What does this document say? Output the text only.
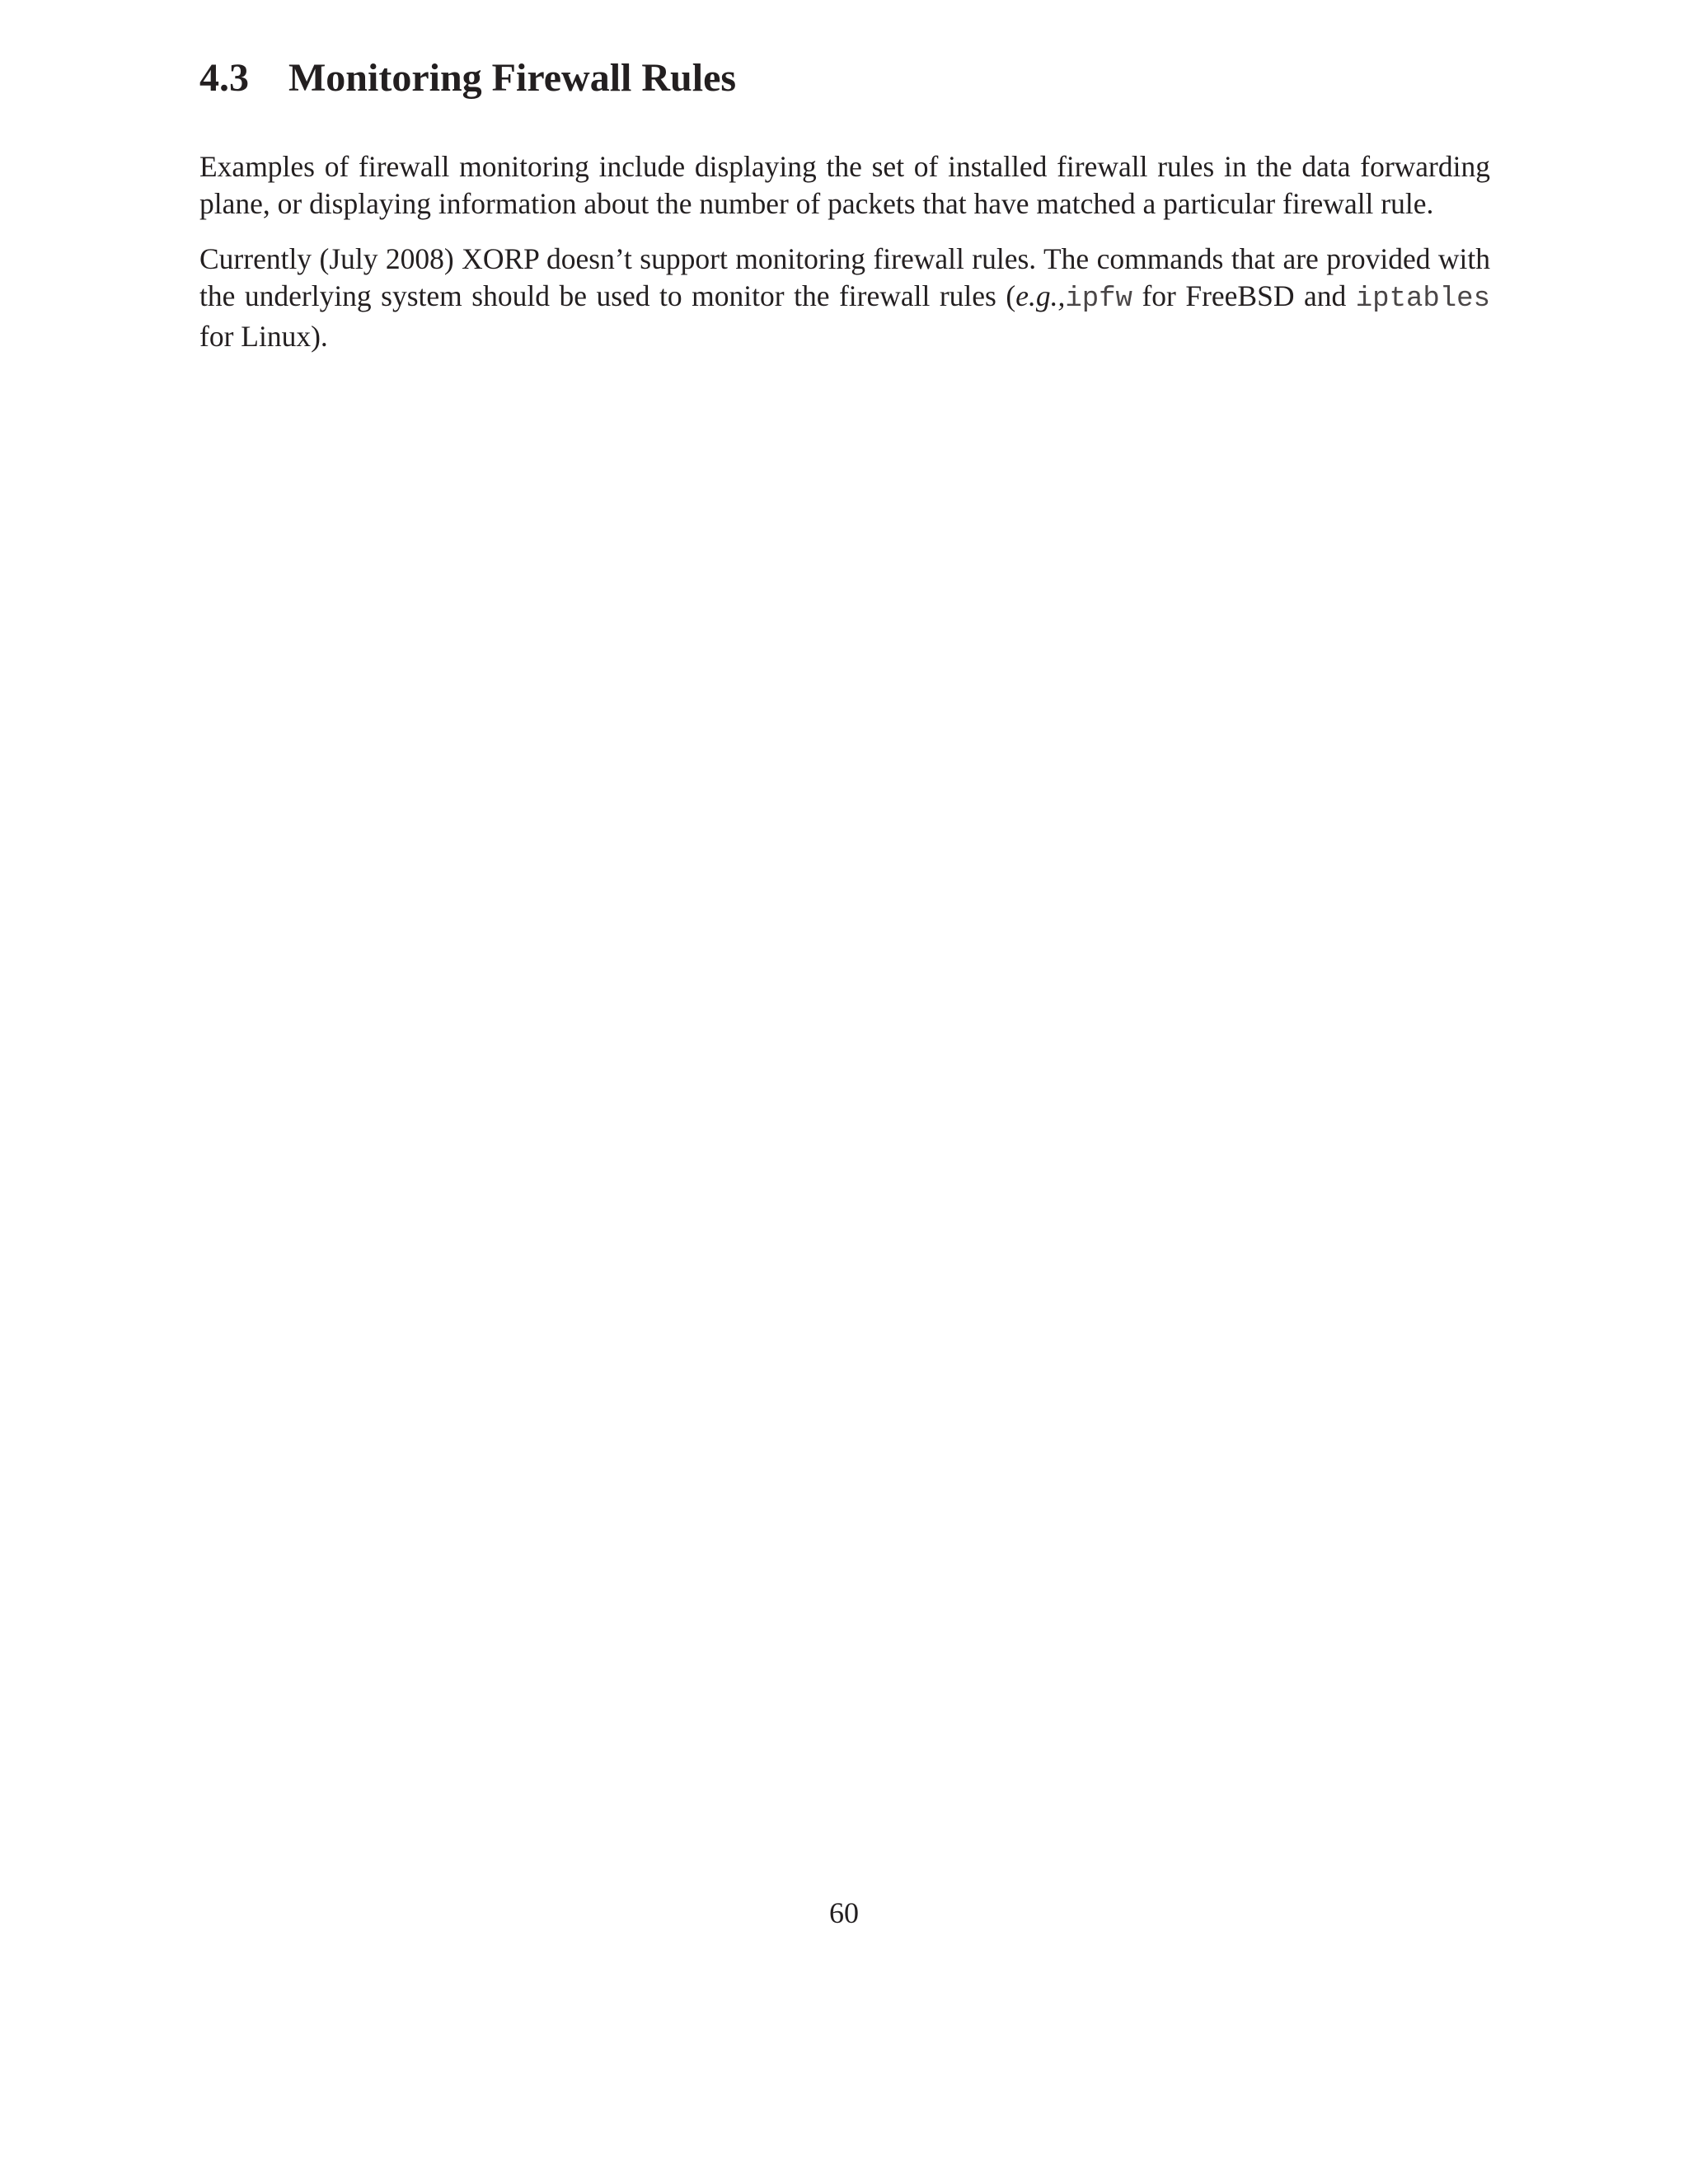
4.3 Monitoring Firewall Rules

Examples of firewall monitoring include displaying the set of installed firewall rules in the data forwarding plane, or displaying information about the number of packets that have matched a particular firewall rule.

Currently (July 2008) XORP doesn’t support monitoring firewall rules. The commands that are provided with the underlying system should be used to monitor the firewall rules (e.g.,ipfw for FreeBSD and iptables for Linux).

60
